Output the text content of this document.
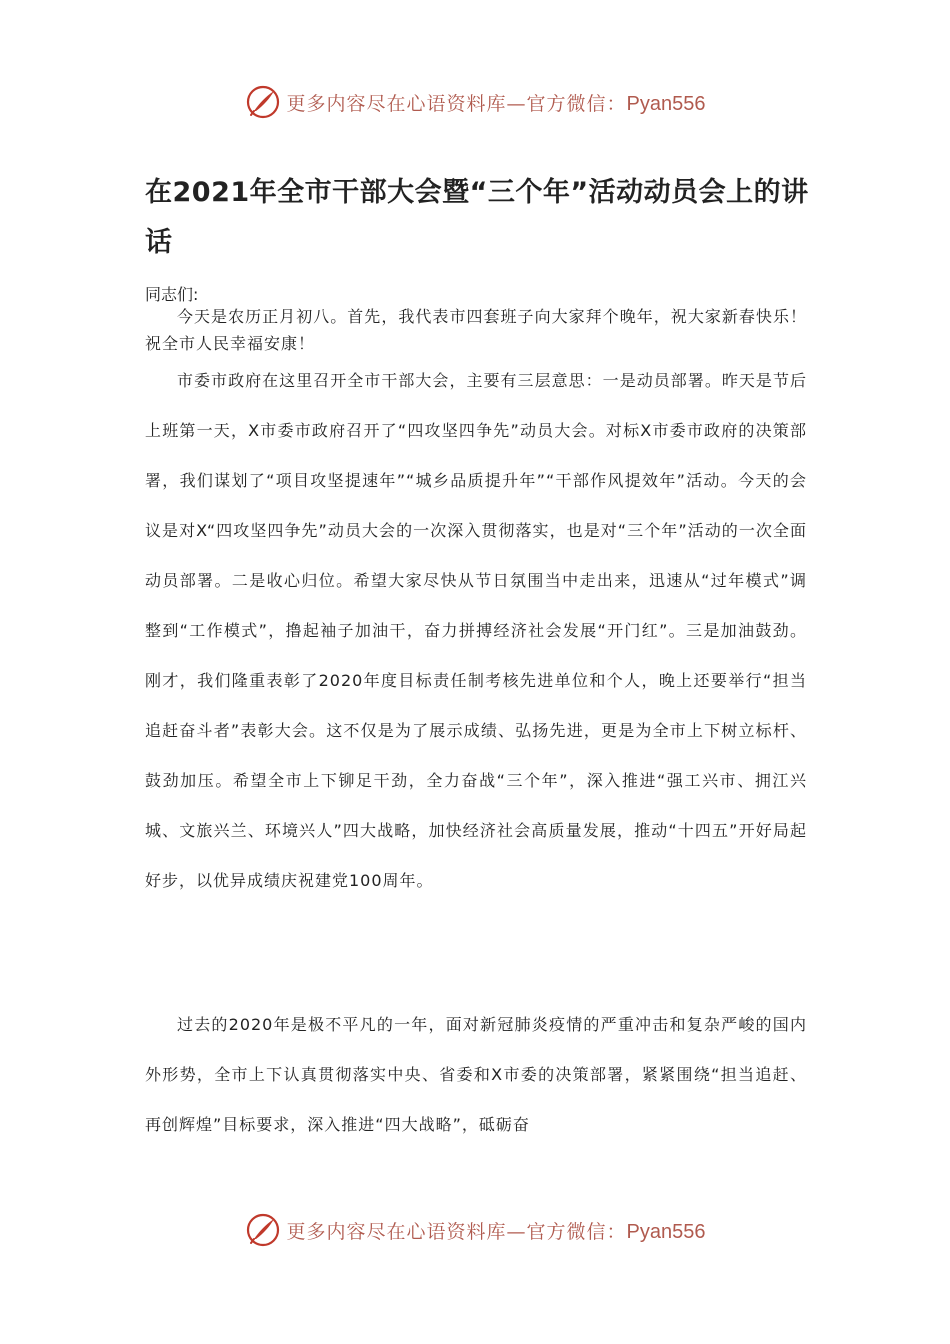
更多内容尽在心语资料库—官方微信：Pyan556
在2021年全市干部大会暨“三个年”活动动员会上的讲话

同志们:

今天是农历正月初八。首先，我代表市四套班子向大家拜个晚年，祝大家新春快乐！祝全市人民幸福安康！

市委市政府在这里召开全市干部大会，主要有三层意思：一是动员部署。昨天是节后上班第一天，X市委市政府召开了“四攻坚四争先”动员大会。对标X市委市政府的决策部署，我们谋划了“项目攻坚提速年”“城乡品质提升年”“干部作风提效年”活动。今天的会议是对X“四攻坚四争先”动员大会的一次深入贯彻落实，也是对“三个年”活动的一次全面动员部署。二是收心归位。希望大家尽快从节日氛围当中走出来，迅速从“过年模式”调整到“工作模式”，撸起袖子加油干，奋力拼搏经济社会发展“开门红”。三是加油鼓劲。刚才，我们隆重表彰了2020年度目标责任制考核先进单位和个人，晚上还要举行“担当追赶奋斗者”表彰大会。这不仅是为了展示成绩、弘扬先进，更是为全市上下树立标杆、鼓劲加压。希望全市上下铆足干劲，全力奋战“三个年”，深入推进“强工兴市、拥江兴城、文旅兴兰、环境兴人”四大战略，加快经济社会高质量发展，推动“十四五”开好局起好步，以优异成绩庆祝建党100周年。

过去的2020年是极不平凡的一年，面对新冠肺炎疫情的严重冲击和复杂严峻的国内外形势，全市上下认真贯彻落实中央、省委和X市委的决策部署，紧紧围绕“担当追赶、再创辉煌”目标要求，深入推进“四大战略”，砥砺奋

更多内容尽在心语资料库—官方微信：Pyan556
